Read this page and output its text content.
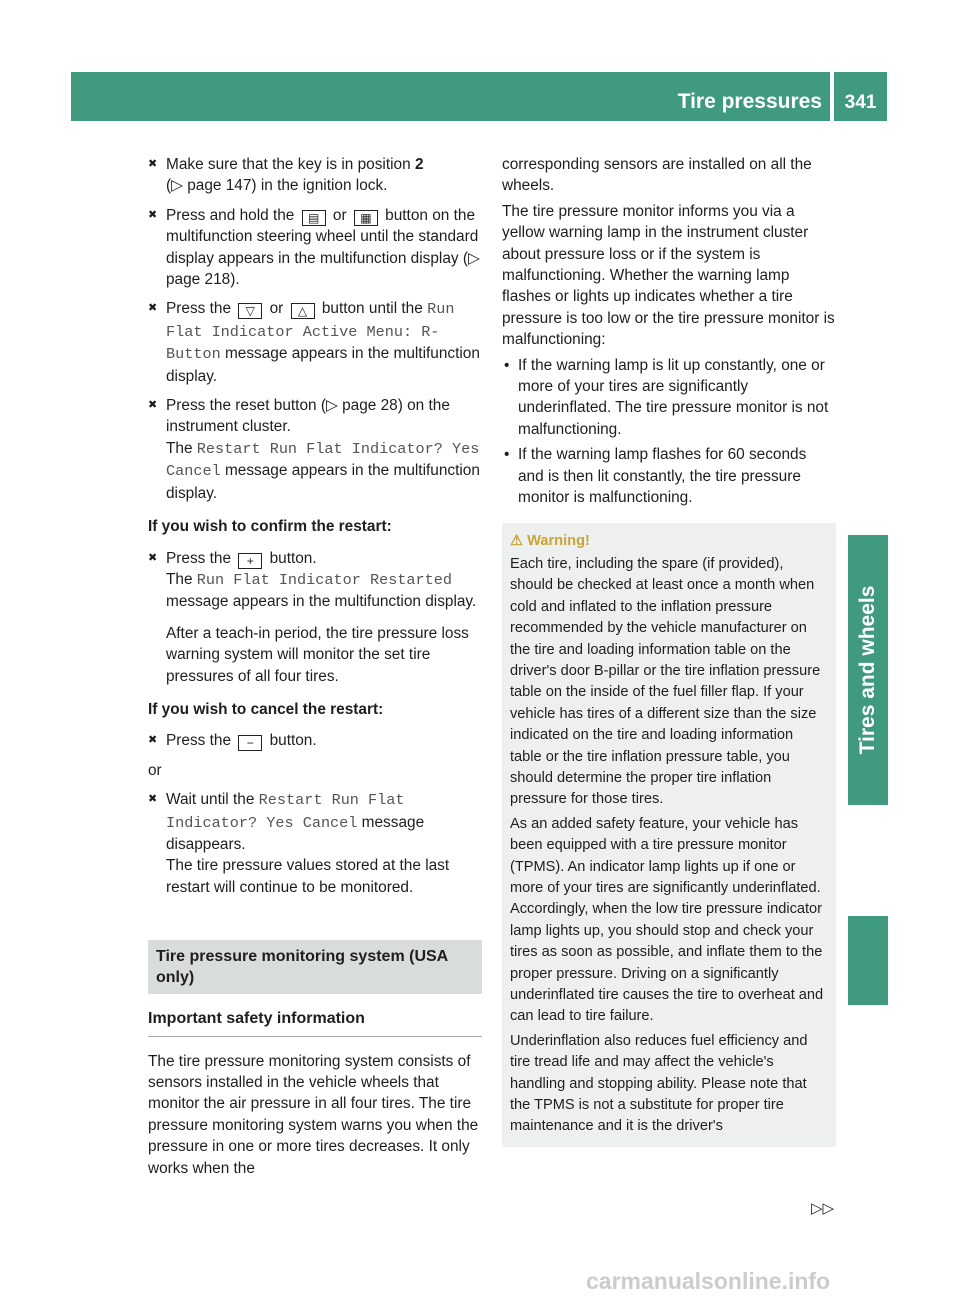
Tire pressures	341
Tires and wheels

✖ Make sure that the key is in position 2
(▷ page 147) in the ignition lock.

✖ Press and hold the ▤ or ▦ button on the multifunction steering wheel until the standard display appears in the multifunction display (▷ page 218).

✖ Press the ▽ or △ button until the Run Flat Indicator Active Menu: R-Button message appears in the multifunction display.

✖ Press the reset button (▷ page 28) on the instrument cluster.
The Restart Run Flat Indicator? Yes Cancel message appears in the multifunction display.

If you wish to confirm the restart:

✖ Press the + button.
The Run Flat Indicator Restarted message appears in the multifunction display.
After a teach-in period, the tire pressure loss warning system will monitor the set tire pressures of all four tires.

If you wish to cancel the restart:

✖ Press the − button.

or

✖ Wait until the Restart Run Flat Indicator? Yes Cancel message disappears.
The tire pressure values stored at the last restart will continue to be monitored.

Tire pressure monitoring system (USA only)
Important safety information

The tire pressure monitoring system consists of sensors installed in the vehicle wheels that monitor the air pressure in all four tires. The tire pressure monitoring system warns you when the pressure in one or more tires decreases. It only works when the

corresponding sensors are installed on all the wheels.

The tire pressure monitor informs you via a yellow warning lamp in the instrument cluster about pressure loss or if the system is malfunctioning. Whether the warning lamp flashes or lights up indicates whether a tire pressure is too low or the tire pressure monitor is malfunctioning:

• If the warning lamp is lit up constantly, one or more of your tires are significantly underinflated. The tire pressure monitor is not malfunctioning.

• If the warning lamp flashes for 60 seconds and is then lit constantly, the tire pressure monitor is malfunctioning.

⚠ Warning!

Each tire, including the spare (if provided), should be checked at least once a month when cold and inflated to the inflation pressure recommended by the vehicle manufacturer on the tire and loading information table on the driver's door B-pillar or the tire inflation pressure table on the inside of the fuel filler flap. If your vehicle has tires of a different size than the size indicated on the tire and loading information table or the tire inflation pressure table, you should determine the proper tire inflation pressure for those tires.

As an added safety feature, your vehicle has been equipped with a tire pressure monitor (TPMS). An indicator lamp lights up if one or more of your tires are significantly underinflated. Accordingly, when the low tire pressure indicator lamp lights up, you should stop and check your tires as soon as possible, and inflate them to the proper pressure. Driving on a significantly underinflated tire causes the tire to overheat and can lead to tire failure.

Underinflation also reduces fuel efficiency and tire tread life and may affect the vehicle's handling and stopping ability. Please note that the TPMS is not a substitute for proper tire maintenance and it is the driver's

▷▷
carmanualsonline.info
